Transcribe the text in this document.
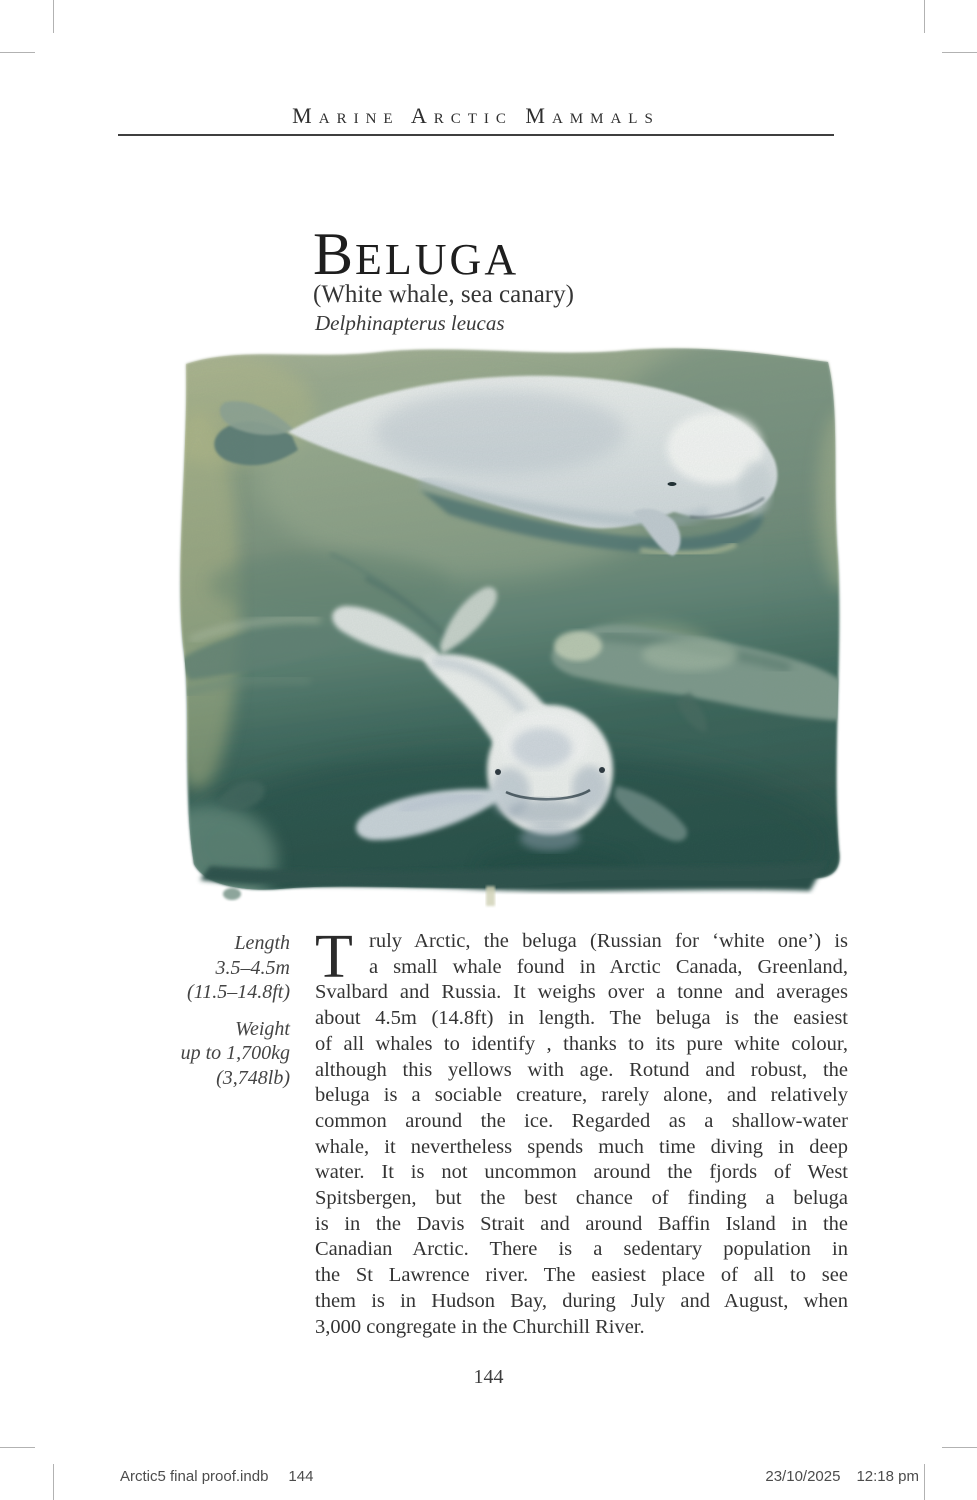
Marine Arctic Mammals
BELUGA
(White whale, sea canary)
Delphinapterus leucas
Length
3.5–4.5m
(11.5–14.8ft)
Weight
up to 1,700kg
(3,748lb)
T ruly Arctic, the beluga (Russian for ‘white one’) is
a small whale found in Arctic Canada, Greenland,
Svalbard and Russia. It weighs over a tonne and averages
about 4.5m (14.8ft) in length. The beluga is the easiest
of all whales to identify , thanks to its pure white colour,
although this yellows with age. Rotund and robust, the
beluga is a sociable creature, rarely alone, and relatively
common around the ice. Regarded as a shallow-water
whale, it nevertheless spends much time diving in deep
water. It is not uncommon around the fjords of West
Spitsbergen, but the best chance of finding a beluga
is in the Davis Strait and around Baffin Island in the
Canadian Arctic. There is a sedentary population in
the St Lawrence river. The easiest place of all to see
them is in Hudson Bay, during July and August, when
3,000 congregate in the Churchill River.
144
Arctic5 final proof.indb 144	23/10/2025 12:18 pm
